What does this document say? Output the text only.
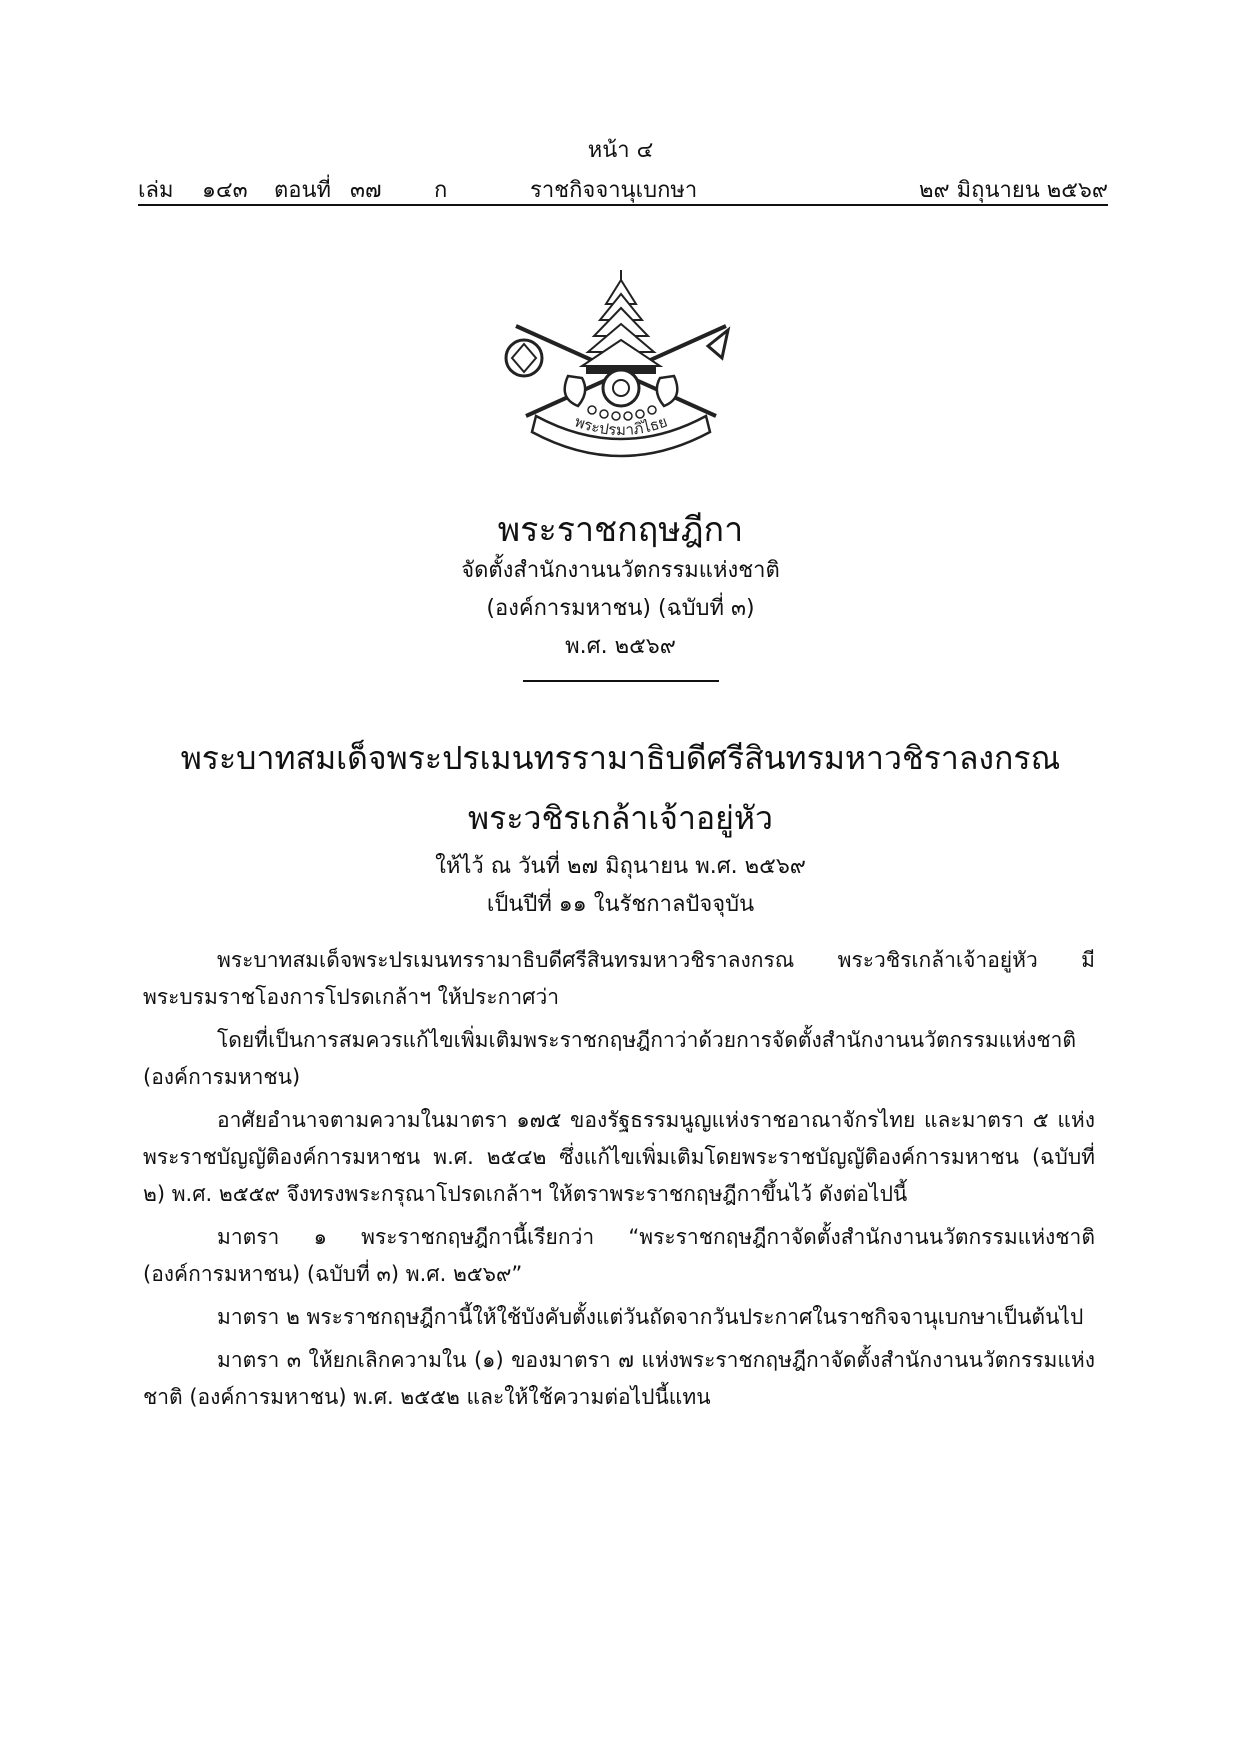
หน้า ๔
เล่ม ๑๔๓ ตอนที่ ๓๗ ก	ราชกิจจานุเบกษา	๒๙ มิถุนายน ๒๕๖๙
พระปรมาภิไธย
พระราชกฤษฎีกา
จัดตั้งสำนักงานนวัตกรรมแห่งชาติ
(องค์การมหาชน) (ฉบับที่ ๓)
พ.ศ. ๒๕๖๙
พระบาทสมเด็จพระปรเมนทรรามาธิบดีศรีสินทรมหาวชิราลงกรณ
พระวชิรเกล้าเจ้าอยู่หัว
ให้ไว้ ณ วันที่ ๒๗ มิถุนายน พ.ศ. ๒๕๖๙
เป็นปีที่ ๑๑ ในรัชกาลปัจจุบัน

พระบาทสมเด็จพระปรเมนทรรามาธิบดีศรีสินทรมหาวชิราลงกรณ พระวชิรเกล้าเจ้าอยู่หัว มีพระบรมราชโองการโปรดเกล้าฯ ให้ประกาศว่า

โดยที่เป็นการสมควรแก้ไขเพิ่มเติมพระราชกฤษฎีกาว่าด้วยการจัดตั้งสำนักงานนวัตกรรมแห่งชาติ (องค์การมหาชน)

อาศัยอำนาจตามความในมาตรา ๑๗๕ ของรัฐธรรมนูญแห่งราชอาณาจักรไทย และมาตรา ๕ แห่งพระราชบัญญัติองค์การมหาชน พ.ศ. ๒๕๔๒ ซึ่งแก้ไขเพิ่มเติมโดยพระราชบัญญัติองค์การมหาชน (ฉบับที่ ๒) พ.ศ. ๒๕๕๙ จึงทรงพระกรุณาโปรดเกล้าฯ ให้ตราพระราชกฤษฎีกาขึ้นไว้ ดังต่อไปนี้

มาตรา ๑ พระราชกฤษฎีกานี้เรียกว่า “พระราชกฤษฎีกาจัดตั้งสำนักงานนวัตกรรมแห่งชาติ (องค์การมหาชน) (ฉบับที่ ๓) พ.ศ. ๒๕๖๙”

มาตรา ๒ พระราชกฤษฎีกานี้ให้ใช้บังคับตั้งแต่วันถัดจากวันประกาศในราชกิจจานุเบกษาเป็นต้นไป

มาตรา ๓ ให้ยกเลิกความใน (๑) ของมาตรา ๗ แห่งพระราชกฤษฎีกาจัดตั้งสำนักงานนวัตกรรมแห่งชาติ (องค์การมหาชน) พ.ศ. ๒๕๕๒ และให้ใช้ความต่อไปนี้แทน
